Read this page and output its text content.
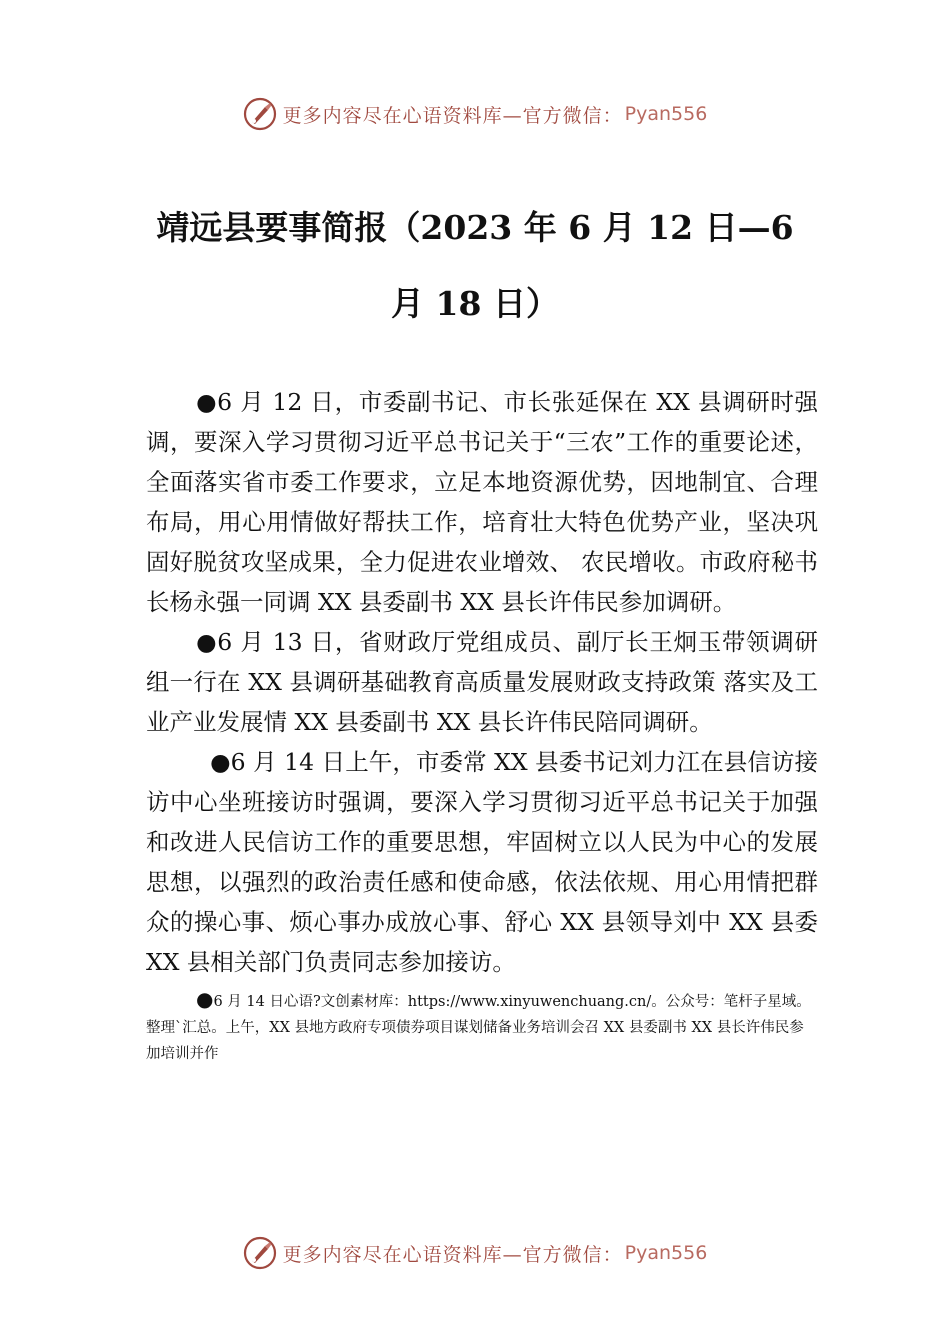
更多内容尽在心语资料库—官方微信： Pyan556
靖远县要事简报（2023 年 6 月 12 日—6 月 18 日）

●6 月 12 日，市委副书记、市长张延保在 XX 县调研时强调，要深入学习贯彻习近平总书记关于“三农”工作的重要论述，全面落实省市委工作要求，立足本地资源优势，因地制宜、合理布局，用心用情做好帮扶工作，培育壮大特色优势产业，坚决巩固好脱贫攻坚成果，全力促进农业增效、 农民增收。市政府秘书长杨永强一同调 XX 县委副书 XX 县长许伟民参加调研。

●6 月 13 日，省财政厅党组成员、副厅长王炯玉带领调研组一行在 XX 县调研基础教育高质量发展财政支持政策 落实及工业产业发展情 XX 县委副书 XX 县长许伟民陪同调研。

●6 月 14 日上午，市委常 XX 县委书记刘力江在县信访接访中心坐班接访时强调，要深入学习贯彻习近平总书记关于加强和改进人民信访工作的重要思想，牢固树立以人民为中心的发展思想，以强烈的政治责任感和使命感，依法依规、用心用情把群众的操心事、烦心事办成放心事、舒心 XX 县领导刘中 XX 县委 XX 县相关部门负责同志参加接访。

●6 月 14 日心语?文创素材库：https://www.xinyuwenchuang.cn/。公众号：笔杆子星域。整理`汇总。上午，XX 县地方政府专项债券项目谋划储备业务培训会召 XX 县委副书 XX 县长许伟民参加培训并作

更多内容尽在心语资料库—官方微信： Pyan556
